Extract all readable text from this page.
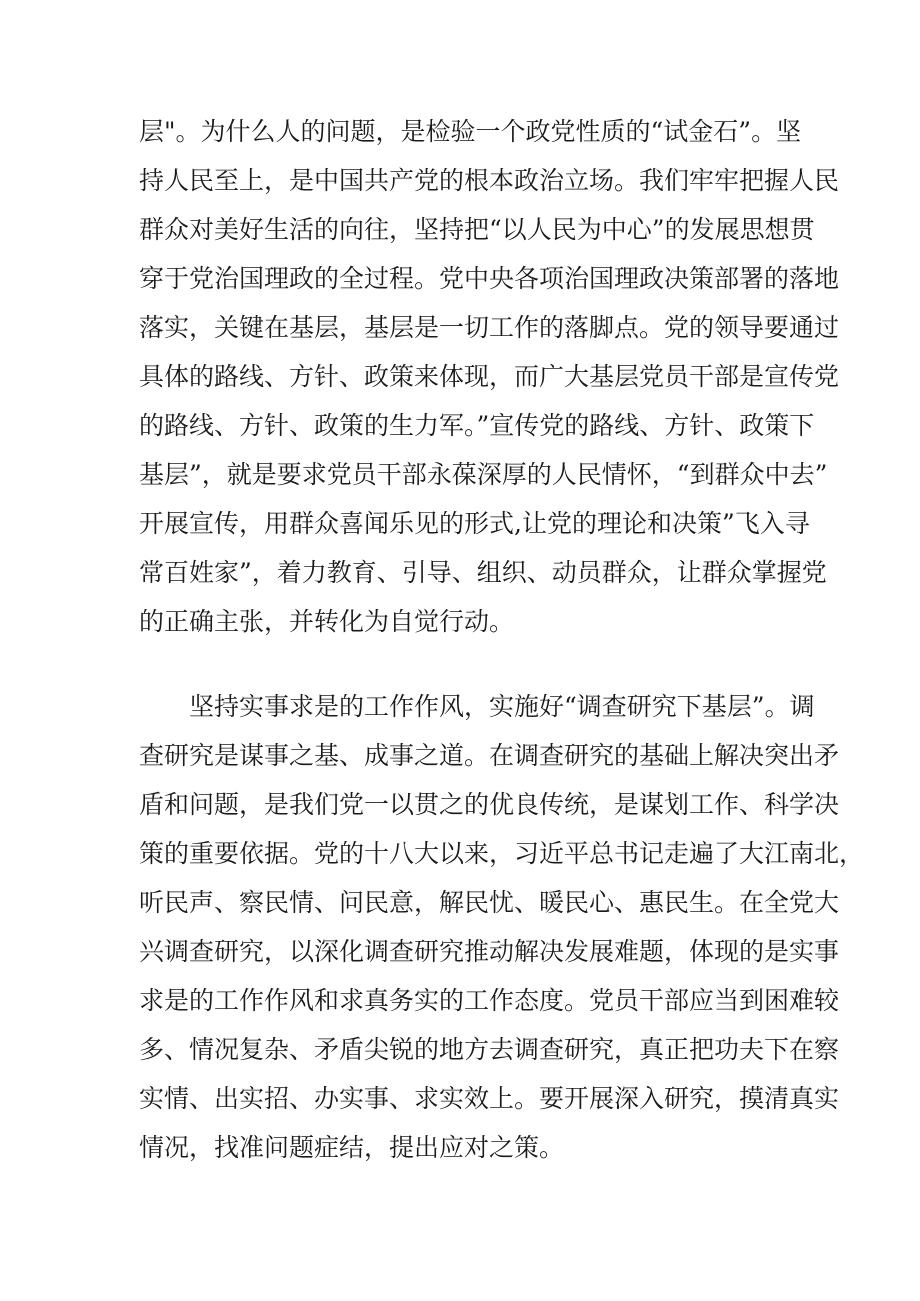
层"。为什么人的问题，是检验一个政党性质的“试金石”。坚
持人民至上，是中国共产党的根本政治立场。我们牢牢把握人民
群众对美好生活的向往，坚持把“以人民为中心”的发展思想贯
穿于党治国理政的全过程。党中央各项治国理政决策部署的落地
落实，关键在基层，基层是一切工作的落脚点。党的领导要通过
具体的路线、方针、政策来体现，而广大基层党员干部是宣传党
的路线、方针、政策的生力军。”宣传党的路线、方针、政策下
基层”，就是要求党员干部永葆深厚的人民情怀，“到群众中去”
开展宣传，用群众喜闻乐见的形式,让党的理论和决策”飞入寻
常百姓家”，着力教育、引导、组织、动员群众，让群众掌握党
的正确主张，并转化为自觉行动。
坚持实事求是的工作作风，实施好“调查研究下基层”。调
查研究是谋事之基、成事之道。在调查研究的基础上解决突出矛
盾和问题，是我们党一以贯之的优良传统，是谋划工作、科学决
策的重要依据。党的十八大以来，习近平总书记走遍了大江南北，
听民声、察民情、问民意，解民忧、暖民心、惠民生。在全党大
兴调查研究，以深化调查研究推动解决发展难题，体现的是实事
求是的工作作风和求真务实的工作态度。党员干部应当到困难较
多、情况复杂、矛盾尖锐的地方去调查研究，真正把功夫下在察
实情、出实招、办实事、求实效上。要开展深入研究，摸清真实
情况，找准问题症结，提出应对之策。
